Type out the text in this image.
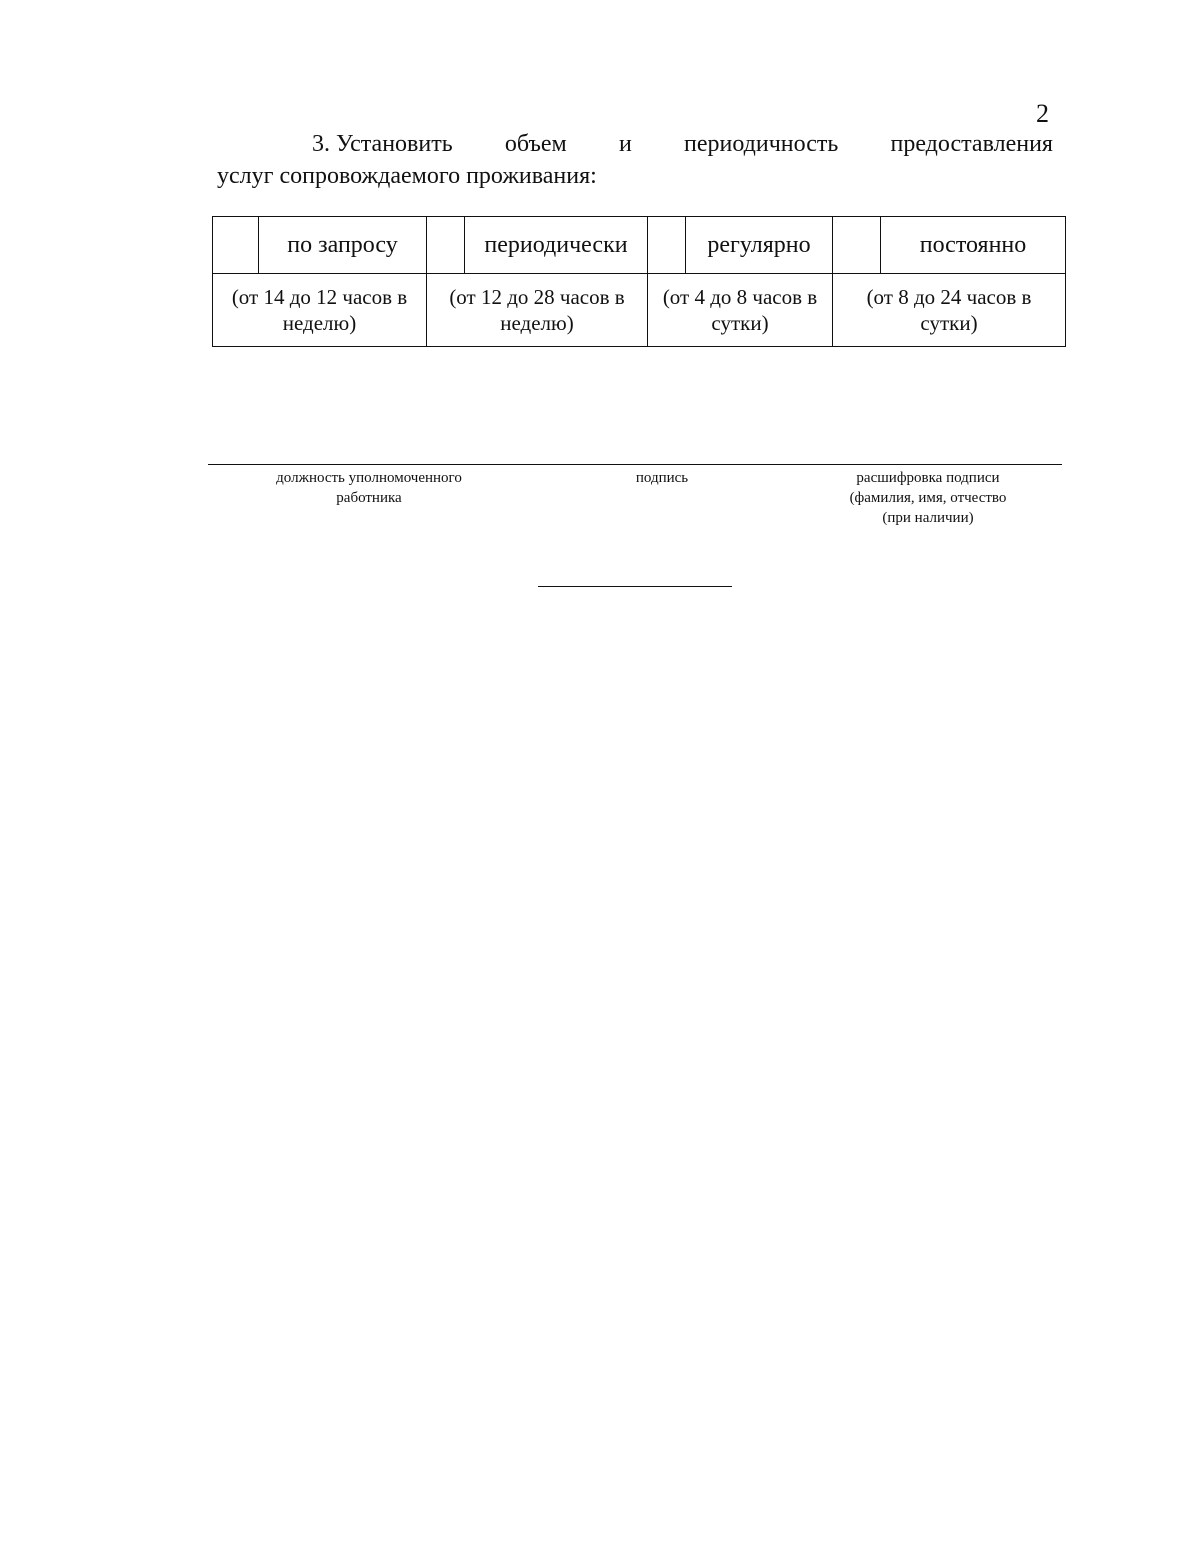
2
3. Установить объем и периодичность предоставления
услуг сопровождаемого проживания:
	по запросу		периодически		регулярно		постоянно
(от 14 до 12 часов в неделю)		(от 12 до 28 часов в неделю)		(от 4 до 8 часов в сутки)		(от 8 до 24 часов в сутки)	
должность уполномоченного
работника
подпись	расшифровка подписи
(фамилия, имя, отчество
(при наличии)
